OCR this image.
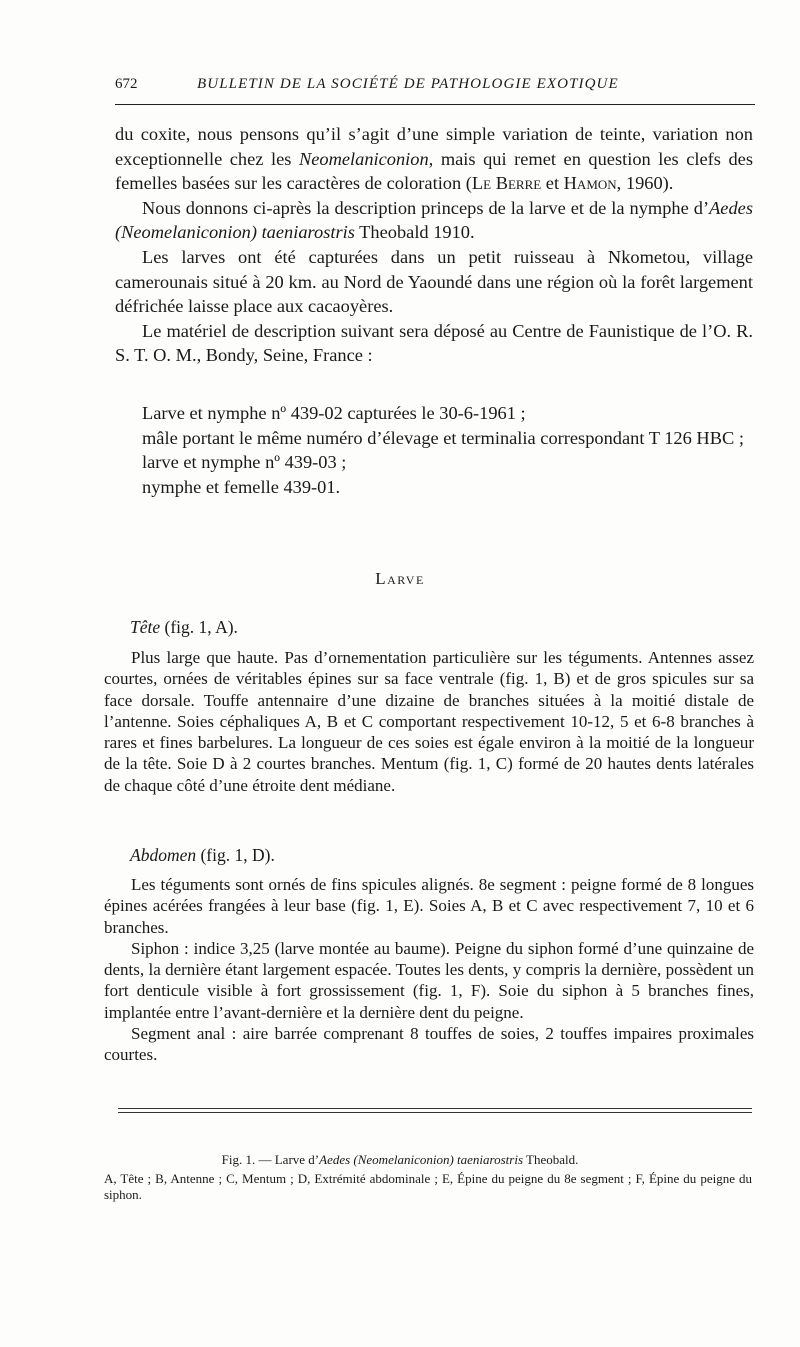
672	BULLETIN DE LA SOCIÉTÉ DE PATHOLOGIE EXOTIQUE

du coxite, nous pensons qu’il s’agit d’une simple variation de teinte, variation non exceptionnelle chez les Neomelaniconion, mais qui remet en question les clefs des femelles basées sur les caractères de coloration (Le Berre et Hamon, 1960).

Nous donnons ci-après la description princeps de la larve et de la nymphe d’Aedes (Neomelaniconion) taeniarostris Theobald 1910.

Les larves ont été capturées dans un petit ruisseau à Nkometou, village camerounais situé à 20 km. au Nord de Yaoundé dans une région où la forêt largement défrichée laisse place aux cacaoyères.

Le matériel de description suivant sera déposé au Centre de Faunistique de l’O. R. S. T. O. M., Bondy, Seine, France :

Larve et nymphe nº 439-02 capturées le 30-6-1961 ;

mâle portant le même numéro d’élevage et terminalia correspondant T 126 HBC ;

larve et nymphe nº 439-03 ;

nymphe et femelle 439-01.

Larve
Tête (fig. 1, A).

Plus large que haute. Pas d’ornementation particulière sur les téguments. Antennes assez courtes, ornées de véritables épines sur sa face ventrale (fig. 1, B) et de gros spicules sur sa face dorsale. Touffe antennaire d’une dizaine de branches situées à la moitié distale de l’antenne. Soies céphaliques A, B et C comportant respectivement 10-12, 5 et 6-8 branches à rares et fines barbelures. La longueur de ces soies est égale environ à la moitié de la longueur de la tête. Soie D à 2 courtes branches. Mentum (fig. 1, C) formé de 20 hautes dents latérales de chaque côté d’une étroite dent médiane.

Abdomen (fig. 1, D).

Les téguments sont ornés de fins spicules alignés. 8e segment : peigne formé de 8 longues épines acérées frangées à leur base (fig. 1, E). Soies A, B et C avec respectivement 7, 10 et 6 branches.

Siphon : indice 3,25 (larve montée au baume). Peigne du siphon formé d’une quinzaine de dents, la dernière étant largement espacée. Toutes les dents, y compris la dernière, possèdent un fort denticule visible à fort grossissement (fig. 1, F). Soie du siphon à 5 branches fines, implantée entre l’avant-dernière et la dernière dent du peigne.

Segment anal : aire barrée comprenant 8 touffes de soies, 2 touffes impaires proximales courtes.

Fig. 1. — Larve d’Aedes (Neomelaniconion) taeniarostris Theobald.
A, Tête ; B, Antenne ; C, Mentum ; D, Extrémité abdominale ; E, Épine du peigne du 8e segment ; F, Épine du peigne du siphon.
